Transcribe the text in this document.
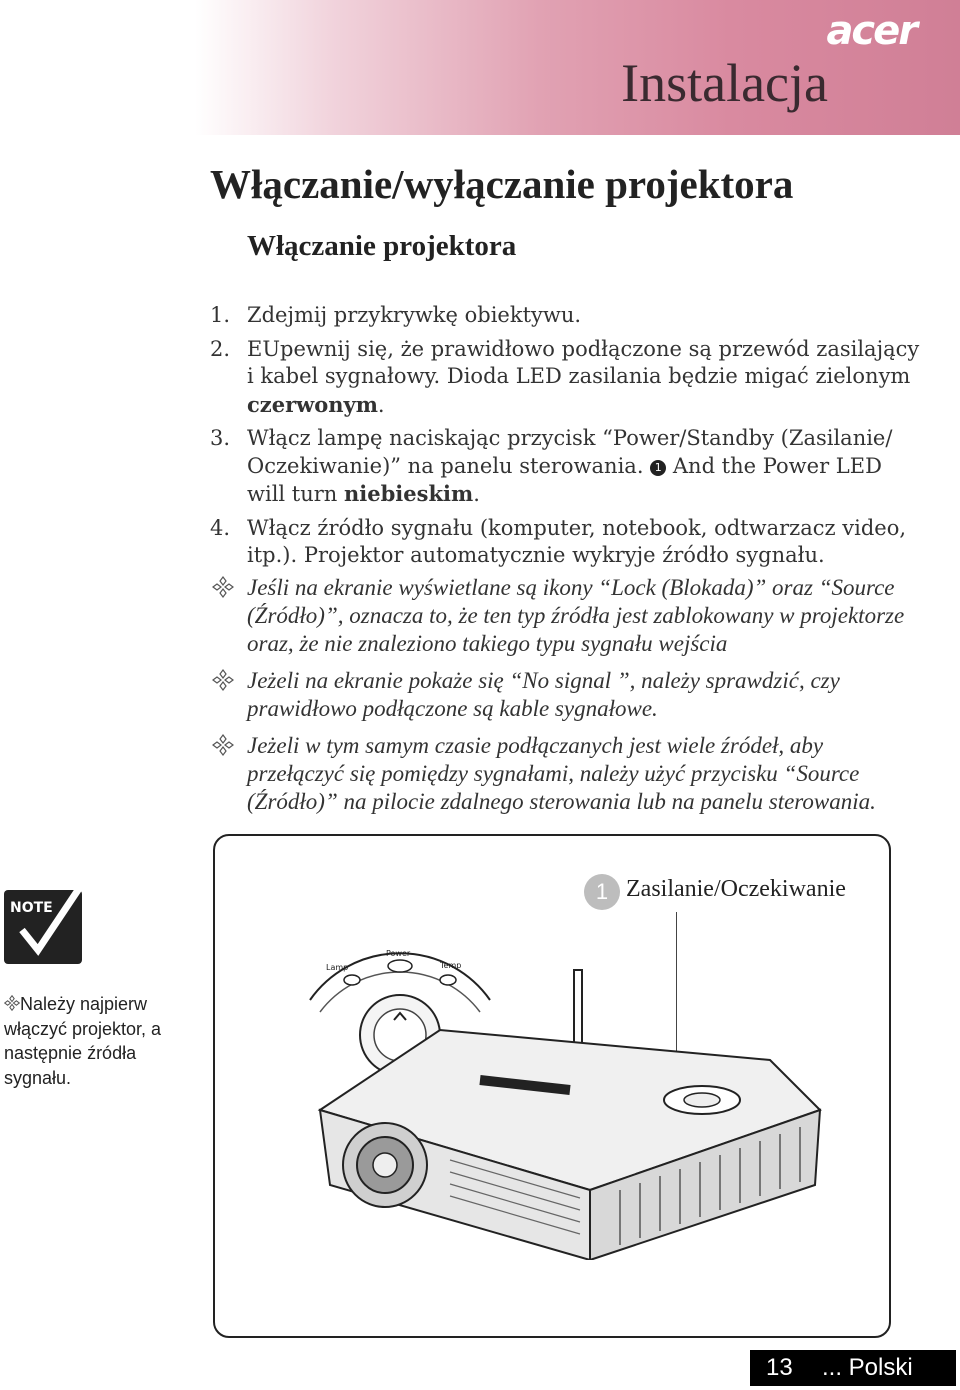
acer
Instalacja
Włączanie/wyłączanie projektora
Włączanie projektora
1. Zdejmij przykrywkę obiektywu.
2. EUpewnij się, że prawidłowo podłączone są przewód zasilający i kabel sygnałowy. Dioda LED zasilania będzie migać zielonym czerwonym.
3. Włącz lampę naciskając przycisk “Power/Standby (Zasilanie/ Oczekiwanie)” na panelu sterowania. 1 And the Power LED will turn niebieskim.
4. Włącz źródło sygnału (komputer, notebook, odtwarzacz video, itp.). Projektor automatycznie wykryje źródło sygnału.
Jeśli na ekranie wyświetlane są ikony “Lock (Blokada)” oraz “Source (Źródło)”, oznacza to, że ten typ źródła jest zablokowany w projektorze oraz, że nie znaleziono takiego typu sygnału wejścia
Jeżeli na ekranie pokaże się “No signal ”, należy sprawdzić, czy prawidłowo podłączone są kable sygnałowe.
Jeżeli w tym samym czasie podłączanych jest wiele źródeł, aby przełączyć się pomiędzy sygnałami, należy użyć przycisku “Source (Źródło)” na pilocie zdalnego sterowania lub na panelu sterowania.
1 Zasilanie/Oczekiwanie
Lamp
Power
Temp
NOTE
Należy najpierw włączyć projektor, a następnie źródła sygnału.
13 ... Polski
